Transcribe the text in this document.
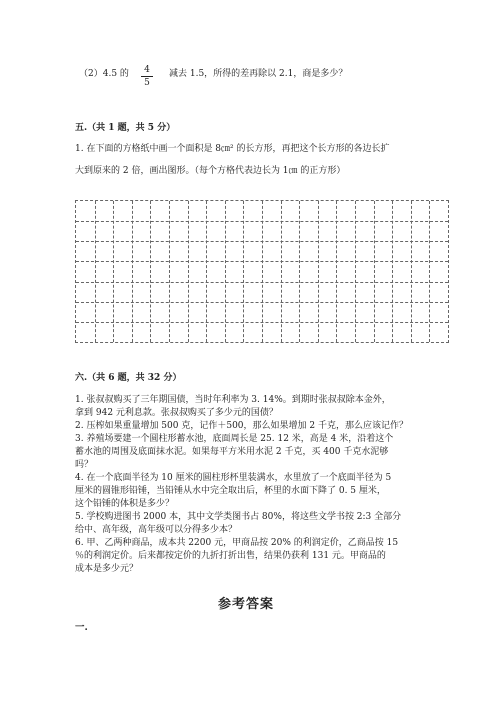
（2）4.5 的	4
5
减去 1.5，所得的差再除以 2.1，商是多少？
五.（共 1 题，共 5 分）
1. 在下面的方格纸中画一个面积是 8㎝² 的长方形，再把这个长方形的各边长扩
大到原来的 2 倍，画出图形。（每个方格代表边长为 1㎝ 的正方形）
六.（共 6 题，共 32 分）
1. 张叔叔购买了三年期国债，当时年利率为 3. 14%。到期时张叔叔除本金外，
拿到 942 元利息款。张叔叔购买了多少元的国债？
2. 压榨如果重量增加 500 克，记作＋500，那么如果增加 2 千克，那么应该记作？
3. 养殖场要建一个圆柱形蓄水池，底面周长是 25. 12 米，高是 4 米，沿着这个
蓄水池的周围及底面抹水泥。如果每平方米用水泥 2 千克，买 400 千克水泥够
吗？
4. 在一个底面半径为 10 厘米的圆柱形杯里装满水，水里放了一个底面半径为 5
厘米的圆锥形铅锤，当铅锤从水中完全取出后，杯里的水面下降了 0. 5 厘米，
这个铅锤的体积是多少？
5. 学校购进图书 2000 本，其中文学类图书占 80%，将这些文学书按 2:3 全部分
给中、高年级，高年级可以分得多少本？
6. 甲、乙两种商品，成本共 2200 元，甲商品按 20% 的利润定价，乙商品按 15
％的利润定价。后来都按定价的九折打折出售，结果仍获利 131 元。甲商品的
成本是多少元？
参考答案
一.
